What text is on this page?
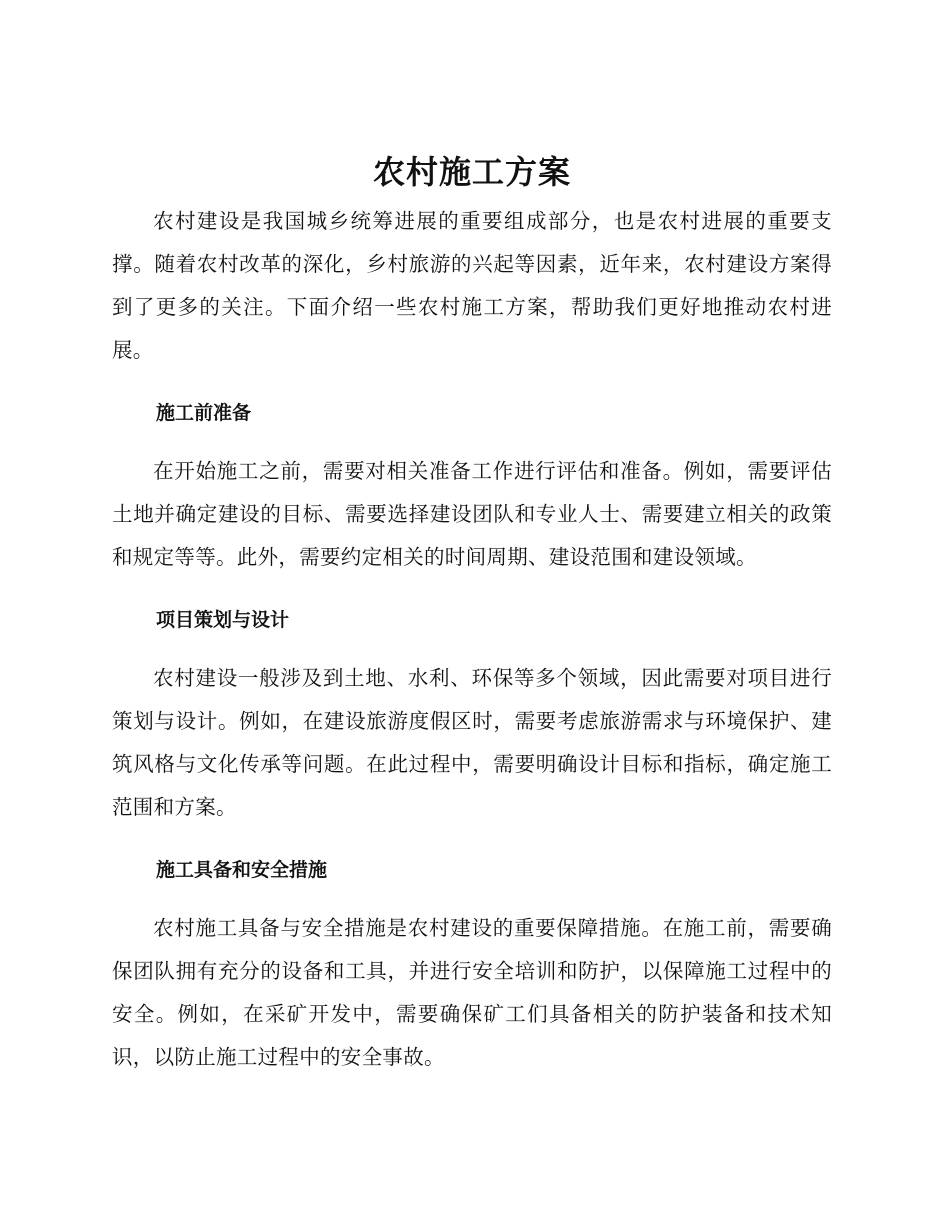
农村施工方案

农村建设是我国城乡统筹进展的重要组成部分，也是农村进展的重要支撑。随着农村改革的深化，乡村旅游的兴起等因素，近年来，农村建设方案得到了更多的关注。下面介绍一些农村施工方案，帮助我们更好地推动农村进展。

施工前准备

在开始施工之前，需要对相关准备工作进行评估和准备。例如，需要评估土地并确定建设的目标、需要选择建设团队和专业人士、需要建立相关的政策和规定等等。此外，需要约定相关的时间周期、建设范围和建设领域。

项目策划与设计

农村建设一般涉及到土地、水利、环保等多个领域，因此需要对项目进行策划与设计。例如，在建设旅游度假区时，需要考虑旅游需求与环境保护、建筑风格与文化传承等问题。在此过程中，需要明确设计目标和指标，确定施工范围和方案。

施工具备和安全措施

农村施工具备与安全措施是农村建设的重要保障措施。在施工前，需要确保团队拥有充分的设备和工具，并进行安全培训和防护，以保障施工过程中的安全。例如，在采矿开发中，需要确保矿工们具备相关的防护装备和技术知识，以防止施工过程中的安全事故。
